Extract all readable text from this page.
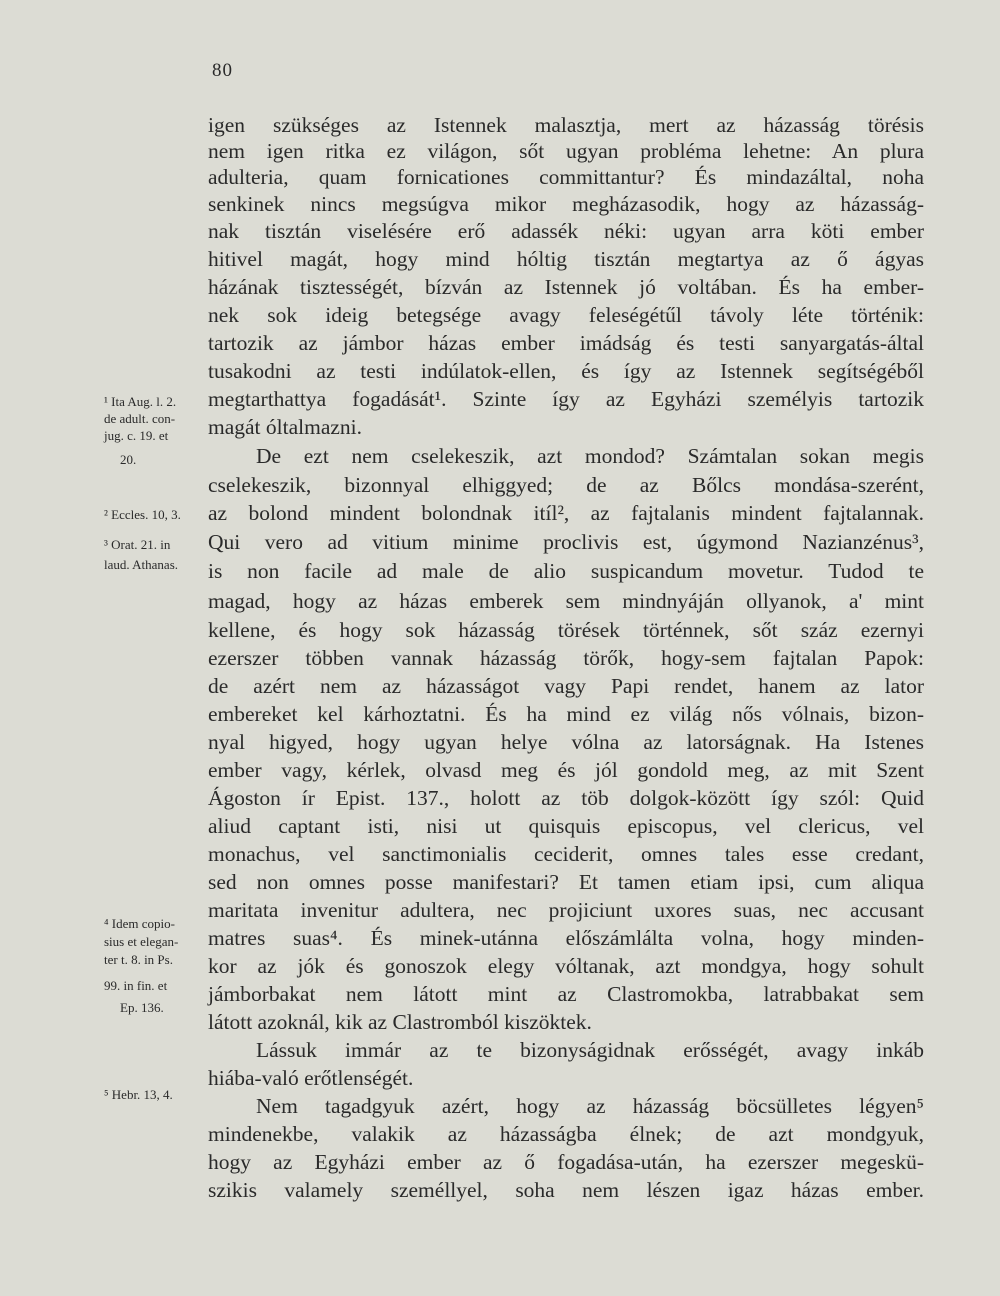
80
igen szükséges az Istennek malasztja, mert az házasság törésis
nem igen ritka ez világon, sőt ugyan probléma lehetne: An plura
adulteria, quam fornicationes committantur? És mindazáltal, noha
senkinek nincs megsúgva mikor megházasodik, hogy az házasság-
nak tisztán viselésére erő adassék néki: ugyan arra köti ember
hitivel magát, hogy mind hóltig tisztán megtartya az ő ágyas
házának tisztességét, bízván az Istennek jó voltában. És ha ember-
nek sok ideig betegsége avagy feleségétűl távoly léte történik:
tartozik az jámbor házas ember imádság és testi sanyargatás-által
tusakodni az testi indúlatok-ellen, és így az Istennek segítségéből
megtarthattya fogadását¹. Szinte így az Egyházi személyis tartozik
magát óltalmazni.
De ezt nem cselekeszik, azt mondod? Számtalan sokan megis
cselekeszik, bizonnyal elhiggyed; de az Bőlcs mondása-szerént,
az bolond mindent bolondnak itíl², az fajtalanis mindent fajtalannak.
Qui vero ad vitium minime proclivis est, úgymond Nazianzénus³,
is non facile ad male de alio suspicandum movetur. Tudod te
magad, hogy az házas emberek sem mindnyáján ollyanok, a' mint
kellene, és hogy sok házasság törések történnek, sőt száz ezernyi
ezerszer többen vannak házasság törők, hogy-sem fajtalan Papok:
de azért nem az házasságot vagy Papi rendet, hanem az lator
embereket kel kárhoztatni. És ha mind ez világ nős vólnais, bizon-
nyal higyed, hogy ugyan helye vólna az latorságnak. Ha Istenes
ember vagy, kérlek, olvasd meg és jól gondold meg, az mit Szent
Ágoston ír Epist. 137., holott az töb dolgok-között így szól: Quid
aliud captant isti, nisi ut quisquis episcopus, vel clericus, vel
monachus, vel sanctimonialis ceciderit, omnes tales esse credant,
sed non omnes posse manifestari? Et tamen etiam ipsi, cum aliqua
maritata invenitur adultera, nec projiciunt uxores suas, nec accusant
matres suas⁴. És minek-utánna előszámlálta volna, hogy minden-
kor az jók és gonoszok elegy vóltanak, azt mondgya, hogy sohult
jámborbakat nem látott mint az Clastromokba, latrabbakat sem
látott azoknál, kik az Clastromból kiszöktek.
Lássuk immár az te bizonyságidnak erősségét, avagy inkáb
hiába-való erőtlenségét.
Nem tagadgyuk azért, hogy az házasság böcsülletes légyen⁵
mindenekbe, valakik az házasságba élnek; de azt mondgyuk,
hogy az Egyházi ember az ő fogadása-után, ha ezerszer megeskü-
szikis valamely személlyel, soha nem lészen igaz házas ember.
¹ Ita Aug. l. 2.
de adult. con-
jug. c. 19. et
20.
² Eccles. 10, 3.
³ Orat. 21. in
laud. Athanas.
⁴ Idem copio-
sius et elegan-
ter t. 8. in Ps.
99. in fin. et
Ep. 136.
⁵ Hebr. 13, 4.
